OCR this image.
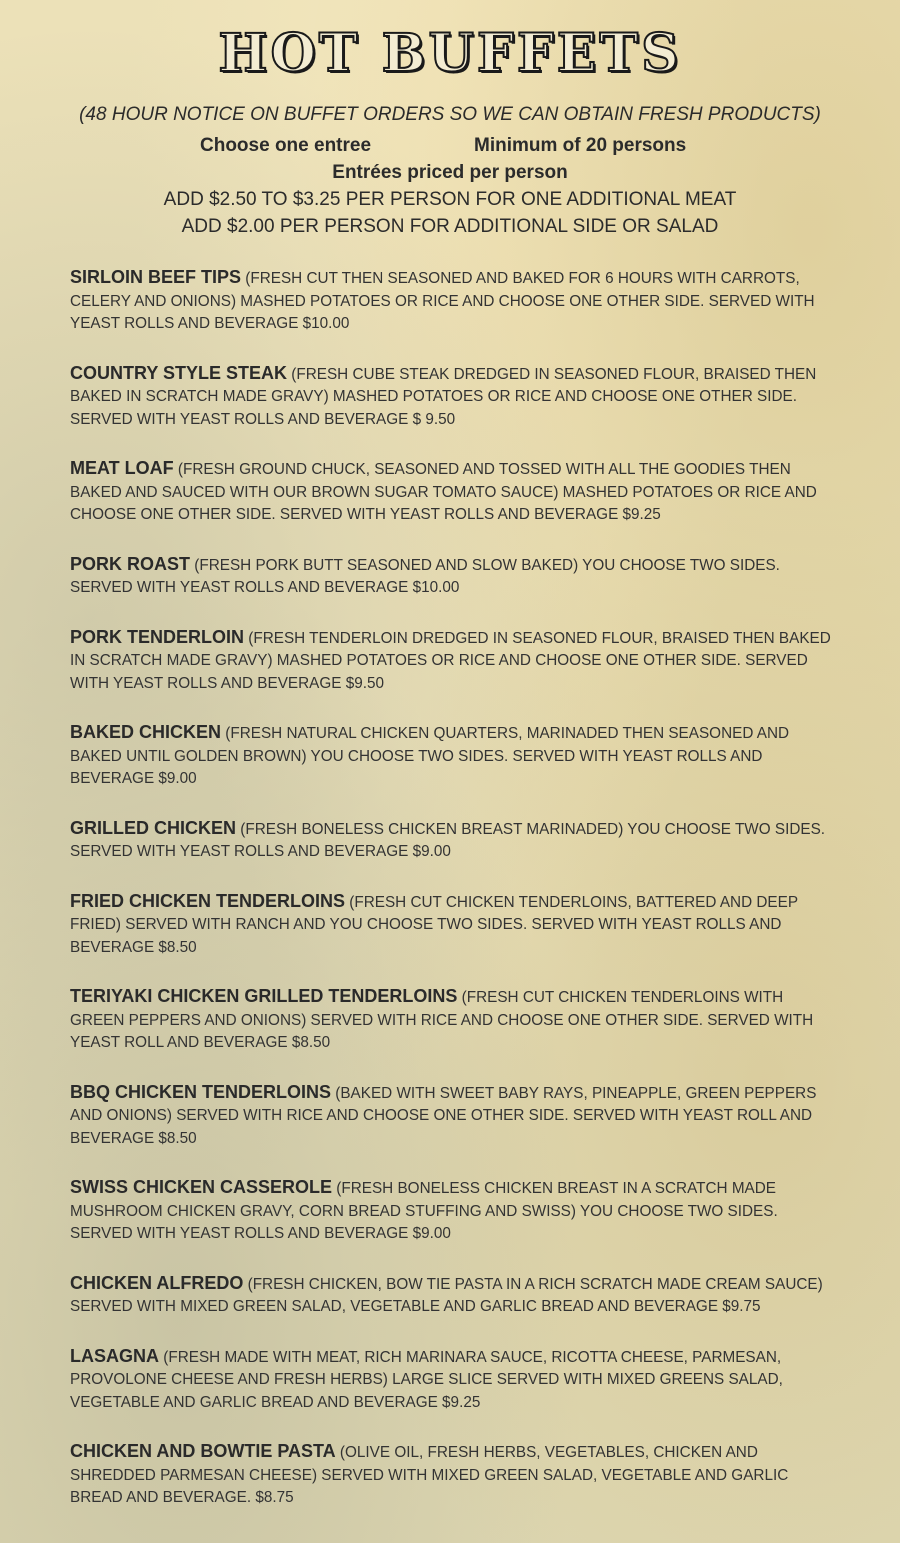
HOT BUFFETS
(48 HOUR NOTICE ON BUFFET ORDERS SO WE CAN OBTAIN FRESH PRODUCTS)
Choose one entree	Minimum of 20 persons
Entrées priced per person
ADD $2.50 TO $3.25 PER PERSON FOR ONE ADDITIONAL MEAT
ADD $2.00 PER PERSON FOR ADDITIONAL SIDE OR SALAD

SIRLOIN BEEF TIPS (FRESH CUT THEN SEASONED AND BAKED FOR 6 HOURS WITH CARROTS, CELERY AND ONIONS) MASHED POTATOES OR RICE AND CHOOSE ONE OTHER SIDE. SERVED WITH YEAST ROLLS AND BEVERAGE $10.00

COUNTRY STYLE STEAK (FRESH CUBE STEAK DREDGED IN SEASONED FLOUR, BRAISED THEN BAKED IN SCRATCH MADE GRAVY) MASHED POTATOES OR RICE AND CHOOSE ONE OTHER SIDE. SERVED WITH YEAST ROLLS AND BEVERAGE $ 9.50

MEAT LOAF (FRESH GROUND CHUCK, SEASONED AND TOSSED WITH ALL THE GOODIES THEN BAKED AND SAUCED WITH OUR BROWN SUGAR TOMATO SAUCE) MASHED POTATOES OR RICE AND CHOOSE ONE OTHER SIDE. SERVED WITH YEAST ROLLS AND BEVERAGE $9.25

PORK ROAST (FRESH PORK BUTT SEASONED AND SLOW BAKED) YOU CHOOSE TWO SIDES. SERVED WITH YEAST ROLLS AND BEVERAGE $10.00

PORK TENDERLOIN (FRESH TENDERLOIN DREDGED IN SEASONED FLOUR, BRAISED THEN BAKED IN SCRATCH MADE GRAVY) MASHED POTATOES OR RICE AND CHOOSE ONE OTHER SIDE. SERVED WITH YEAST ROLLS AND BEVERAGE $9.50

BAKED CHICKEN (FRESH NATURAL CHICKEN QUARTERS, MARINADED THEN SEASONED AND BAKED UNTIL GOLDEN BROWN) YOU CHOOSE TWO SIDES. SERVED WITH YEAST ROLLS AND BEVERAGE $9.00

GRILLED CHICKEN (FRESH BONELESS CHICKEN BREAST MARINADED) YOU CHOOSE TWO SIDES. SERVED WITH YEAST ROLLS AND BEVERAGE $9.00

FRIED CHICKEN TENDERLOINS (FRESH CUT CHICKEN TENDERLOINS, BATTERED AND DEEP FRIED) SERVED WITH RANCH AND YOU CHOOSE TWO SIDES. SERVED WITH YEAST ROLLS AND BEVERAGE $8.50

TERIYAKI CHICKEN GRILLED TENDERLOINS (FRESH CUT CHICKEN TENDERLOINS WITH GREEN PEPPERS AND ONIONS) SERVED WITH RICE AND CHOOSE ONE OTHER SIDE. SERVED WITH YEAST ROLL AND BEVERAGE $8.50

BBQ CHICKEN TENDERLOINS (BAKED WITH SWEET BABY RAYS, PINEAPPLE, GREEN PEPPERS AND ONIONS) SERVED WITH RICE AND CHOOSE ONE OTHER SIDE. SERVED WITH YEAST ROLL AND BEVERAGE $8.50

SWISS CHICKEN CASSEROLE (FRESH BONELESS CHICKEN BREAST IN A SCRATCH MADE MUSHROOM CHICKEN GRAVY, CORN BREAD STUFFING AND SWISS) YOU CHOOSE TWO SIDES. SERVED WITH YEAST ROLLS AND BEVERAGE $9.00

CHICKEN ALFREDO (FRESH CHICKEN, BOW TIE PASTA IN A RICH SCRATCH MADE CREAM SAUCE) SERVED WITH MIXED GREEN SALAD, VEGETABLE AND GARLIC BREAD AND BEVERAGE $9.75

LASAGNA (FRESH MADE WITH MEAT, RICH MARINARA SAUCE, RICOTTA CHEESE, PARMESAN, PROVOLONE CHEESE AND FRESH HERBS) LARGE SLICE SERVED WITH MIXED GREENS SALAD, VEGETABLE AND GARLIC BREAD AND BEVERAGE $9.25

CHICKEN AND BOWTIE PASTA (OLIVE OIL, FRESH HERBS, VEGETABLES, CHICKEN AND SHREDDED PARMESAN CHEESE) SERVED WITH MIXED GREEN SALAD, VEGETABLE AND GARLIC BREAD AND BEVERAGE. $8.75
